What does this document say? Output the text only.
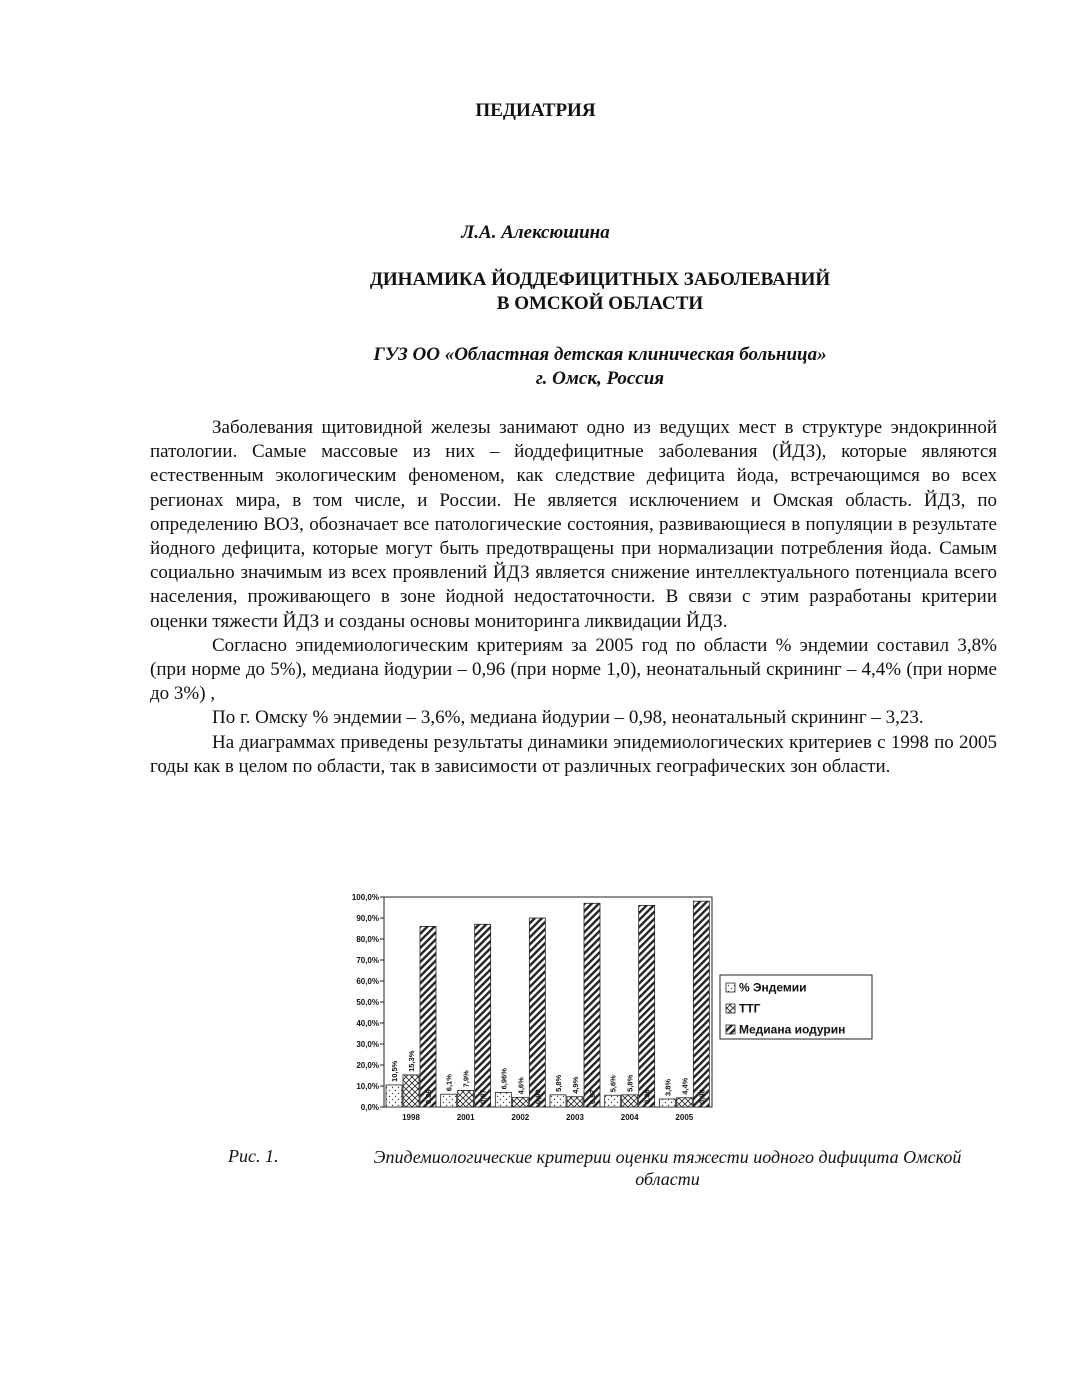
ПЕДИАТРИЯ
Л.А. Алексюшина
ДИНАМИКА ЙОДДЕФИЦИТНЫХ ЗАБОЛЕВАНИЙ
В ОМСКОЙ ОБЛАСТИ
ГУЗ ОО «Областная детская клиническая больница»
г. Омск, Россия

Заболевания щитовидной железы занимают одно из ведущих мест в структуре эндокринной патологии. Самые массовые из них – йоддефицитные заболевания (ЙДЗ), которые являются естественным экологическим феноменом, как следствие дефицита йода, встречающимся во всех регионах мира, в том числе, и России. Не является исключением и Омская область. ЙДЗ, по определению ВОЗ, обозначает все патологические состояния, развивающиеся в популяции в результате йодного дефицита, которые могут быть предотвращены при нормализации потребления йода. Самым социально значимым из всех проявлений ЙДЗ является снижение интеллектуального потенциала всего населения, проживающего в зоне йодной недостаточности. В связи с этим разработаны критерии оценки тяжести ЙДЗ и созданы основы мониторинга ликвидации ЙДЗ.

Согласно эпидемиологическим критериям за 2005 год по области % эндемии составил 3,8% (при норме до 5%), медиана йодурии – 0,96 (при норме 1,0), неонатальный скрининг – 4,4% (при норме до 3%) ,

По г. Омску % эндемии – 3,6%, медиана йодурии – 0,98, неонатальный скрининг – 3,23.

На диаграммах приведены результаты динамики эпидемиологических критериев с 1998 по 2005 годы как в целом по области, так в зависимости от различных географических зон области.

0,0%
10,0%
20,0%
30,0%
40,0%
50,0%
60,0%
70,0%
80,0%
90,0%
100,0%
1998	2001	2002	2003	2004	2005
10,5% 15,3%
0,86
6,1% 7,9%
0,87
6,96% 4,6%
0,90
5,8% 4,9%
0,97
5,6% 5,8%
0,96
3,8% 4,4%
0,98
% Эндемии
ТТГ
Медиана иодурин
Рис. 1.	Эпидемиологические критерии оценки тяжести иодного дифицита Омской области
